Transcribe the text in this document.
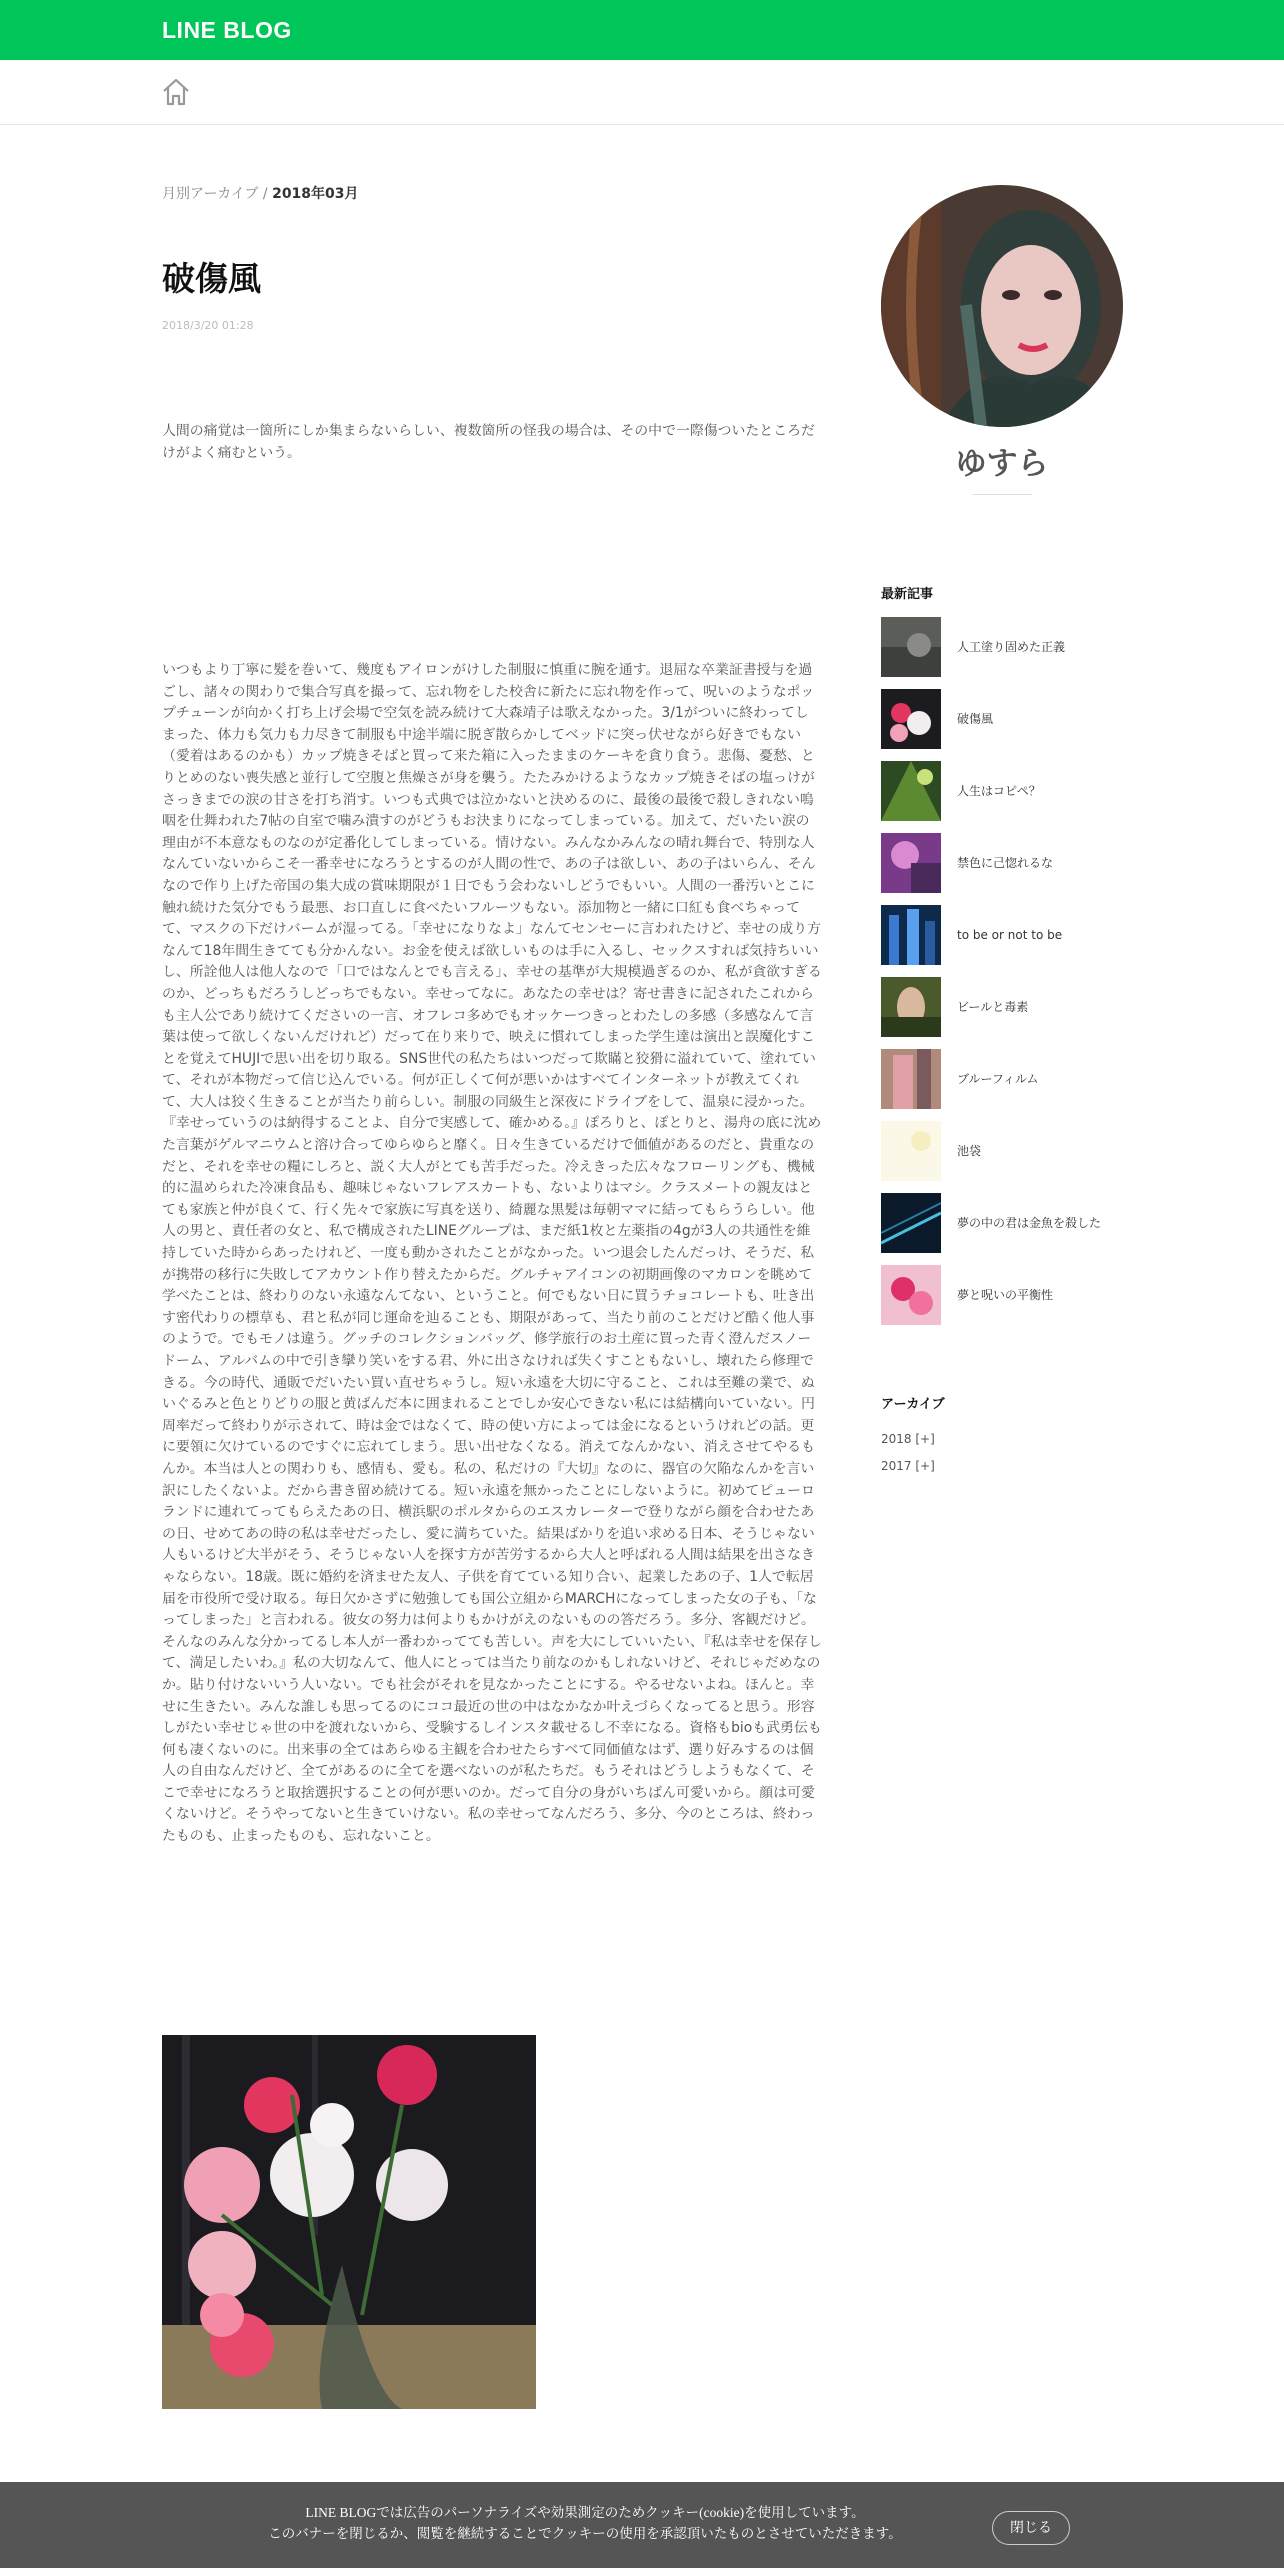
LINE BLOG
月別アーカイブ / 2018年03月
破傷風
2018/3/20 01:28

人間の痛覚は一箇所にしか集まらないらしい、複数箇所の怪我の場合は、その中で一際傷ついたところだけがよく痛むという。

いつもより丁寧に髪を巻いて、幾度もアイロンがけした制服に慎重に腕を通す。退屈な卒業証書授与を過ごし、諸々の関わりで集合写真を撮って、忘れ物をした校舎に新たに忘れ物を作って、呪いのようなポップチューンが向かく打ち上げ会場で空気を読み続けて大森靖子は歌えなかった。3/1がついに終わってしまった、体力も気力も力尽きて制服も中途半端に脱ぎ散らかしてベッドに突っ伏せながら好きでもない（愛着はあるのかも）カップ焼きそばと買って来た箱に入ったままのケーキを貪り食う。悲傷、憂愁、とりとめのない喪失感と並行して空腹と焦燥さが身を襲う。たたみかけるようなカップ焼きそばの塩っけがさっきまでの涙の甘さを打ち消す。いつも式典では泣かないと決めるのに、最後の最後で殺しきれない嗚咽を仕舞われた7帖の自室で噛み潰すのがどうもお決まりになってしまっている。加えて、だいたい涙の理由が不本意なものなのが定番化してしまっている。情けない。みんなかみんなの晴れ舞台で、特別な人なんていないからこそ一番幸せになろうとするのが人間の性で、あの子は欲しい、あの子はいらん、そんなので作り上げた帝国の集大成の賞味期限が１日でもう会わないしどうでもいい。人間の一番汚いとこに触れ続けた気分でもう最悪、お口直しに食べたいフルーツもない。添加物と一緒に口紅も食べちゃってて、マスクの下だけバームが湿ってる。「幸せになりなよ」なんてセンセーに言われたけど、幸せの成り方なんて18年間生きてても分かんない。お金を使えば欲しいものは手に入るし、セックスすれば気持ちいいし、所詮他人は他人なので「口ではなんとでも言える」、幸せの基準が大規模過ぎるのか、私が貪欲すぎるのか、どっちもだろうしどっちでもない。幸せってなに。あなたの幸せは？寄せ書きに記されたこれからも主人公であり続けてくださいの一言、オフレコ多めでもオッケーつきっとわたしの多感（多感なんて言葉は使って欲しくないんだけれど）だって在り来りで、映えに慣れてしまった学生達は演出と誤魔化すことを覚えてHUJIで思い出を切り取る。SNS世代の私たちはいつだって欺瞞と狡猾に溢れていて、塗れていて、それが本物だって信じ込んでいる。何が正しくて何が悪いかはすべてインターネットが教えてくれて、大人は狡く生きることが当たり前らしい。制服の同級生と深夜にドライブをして、温泉に浸かった。『幸せっていうのは納得することよ、自分で実感して、確かめる。』ぽろりと、ぽとりと、湯舟の底に沈めた言葉がゲルマニウムと溶け合ってゆらゆらと靡く。日々生きているだけで価値があるのだと、貴重なのだと、それを幸せの糧にしろと、説く大人がとても苦手だった。冷えきった広々なフローリングも、機械的に温められた冷凍食品も、趣味じゃないフレアスカートも、ないよりはマシ。クラスメートの親友はとても家族と仲が良くて、行く先々で家族に写真を送り、綺麗な黒髪は毎朝ママに結ってもらうらしい。他人の男と、責任者の女と、私で構成されたLINEグループは、まだ紙1枚と左薬指の4gが3人の共通性を維持していた時からあったけれど、一度も動かされたことがなかった。いつ退会したんだっけ、そうだ、私が携帯の移行に失敗してアカウント作り替えたからだ。グルチャアイコンの初期画像のマカロンを眺めて学べたことは、終わりのない永遠なんてない、ということ。何でもない日に買うチョコレートも、吐き出す密代わりの標草も、君と私が同じ運命を辿ることも、期限があって、当たり前のことだけど酷く他人事のようで。でもモノは違う。グッチのコレクションバッグ、修学旅行のお土産に買った青く澄んだスノードーム、アルバムの中で引き攣り笑いをする君、外に出さなければ失くすこともないし、壊れたら修理できる。今の時代、通販でだいたい買い直せちゃうし。短い永遠を大切に守ること、これは至難の業で、ぬいぐるみと色とりどりの服と黄ばんだ本に囲まれることでしか安心できない私には結構向いていない。円周率だって終わりが示されて、時は金ではなくて、時の使い方によっては金になるというけれどの話。更に要領に欠けているのですぐに忘れてしまう。思い出せなくなる。消えてなんかない、消えさせてやるもんか。本当は人との関わりも、感情も、愛も。私の、私だけの『大切』なのに、器官の欠陥なんかを言い訳にしたくないよ。だから書き留め続けてる。短い永遠を無かったことにしないように。初めてピューロランドに連れてってもらえたあの日、横浜駅のポルタからのエスカレーターで登りながら顔を合わせたあの日、せめてあの時の私は幸せだったし、愛に満ちていた。結果ばかりを追い求める日本、そうじゃない人もいるけど大半がそう、そうじゃない人を探す方が苦労するから大人と呼ばれる人間は結果を出さなきゃならない。18歳。既に婚約を済ませた友人、子供を育てている知り合い、起業したあの子、1人で転居届を市役所で受け取る。毎日欠かさずに勉強しても国公立組からMARCHになってしまった女の子も、「なってしまった」と言われる。彼女の努力は何よりもかけがえのないものの答だろう。多分、客観だけど。そんなのみんな分かってるし本人が一番わかってても苦しい。声を大にしていいたい、『私は幸せを保存して、満足したいわ。』私の大切なんて、他人にとっては当たり前なのかもしれないけど、それじゃだめなのか。貼り付けないいう人いない。でも社会がそれを見なかったことにする。やるせないよね。ほんと。幸せに生きたい。みんな誰しも思ってるのにココ最近の世の中はなかなか叶えづらくなってると思う。形容しがたい幸せじゃ世の中を渡れないから、受験するしインスタ載せるし不幸になる。資格もbioも武勇伝も何も凄くないのに。出来事の全てはあらゆる主観を合わせたらすべて同価値なはず、選り好みするのは個人の自由なんだけど、全てがあるのに全てを選べないのが私たちだ。もうそれはどうしようもなくて、そこで幸せになろうと取捨選択することの何が悪いのか。だって自分の身がいちばん可愛いから。顔は可愛くないけど。そうやってないと生きていけない。私の幸せってなんだろう、多分、今のところは、終わったものも、止まったものも、忘れないこと。

ゆすら
最新記事
人工塗り固めた正義
破傷風
人生はコピペ？
禁色に己惚れるな
to be or not to be
ビールと毒素
ブルーフィルム
池袋
夢の中の君は金魚を殺した
夢と呪いの平衡性
アーカイブ
2018 [+]
2017 [+]
LINE BLOGでは広告のパーソナライズや効果測定のためクッキー(cookie)を使用しています。
このバナーを閉じるか、閲覧を継続することでクッキーの使用を承認頂いたものとさせていただきます。	閉じる
